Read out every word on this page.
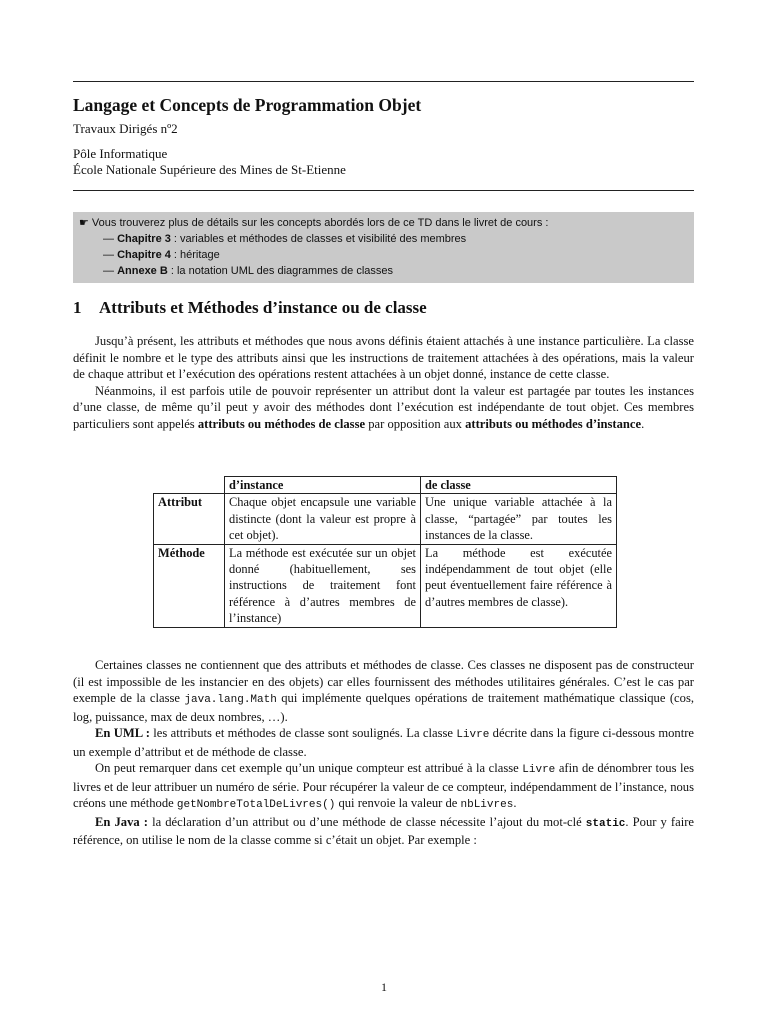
Langage et Concepts de Programmation Objet
Travaux Dirigés nº2
Pôle Informatique
École Nationale Supérieure des Mines de St-Etienne
☛ Vous trouverez plus de détails sur les concepts abordés lors de ce TD dans le livret de cours :
— Chapitre 3 : variables et méthodes de classes et visibilité des membres
— Chapitre 4 : héritage
— Annexe B : la notation UML des diagrammes de classes
1 Attributs et Méthodes d’instance ou de classe

Jusqu’à présent, les attributs et méthodes que nous avons définis étaient attachés à une instance particulière. La classe définit le nombre et le type des attributs ainsi que les instructions de traitement attachées à des opérations, mais la valeur de chaque attribut et l’exécution des opérations restent attachées à un objet donné, instance de cette classe.

Néanmoins, il est parfois utile de pouvoir représenter un attribut dont la valeur est partagée par toutes les instances d’une classe, de même qu’il peut y avoir des méthodes dont l’exécution est indépendante de tout objet. Ces membres particuliers sont appelés attributs ou méthodes de classe par opposition aux attributs ou méthodes d’instance.

	d’instance	de classe
Attribut	Chaque objet encapsule une variable distincte (dont la valeur est propre à cet objet).	Une unique variable attachée à la classe, “partagée” par toutes les instances de la classe.
Méthode	La méthode est exécutée sur un objet donné (habituellement, ses instructions de traitement font référence à d’autres membres de l’instance)	La méthode est exécutée indépendamment de tout objet (elle peut éventuellement faire référence à d’autres membres de classe).

Certaines classes ne contiennent que des attributs et méthodes de classe. Ces classes ne disposent pas de constructeur (il est impossible de les instancier en des objets) car elles fournissent des méthodes utilitaires générales. C’est le cas par exemple de la classe java.lang.Math qui implémente quelques opérations de traitement mathématique classique (cos, log, puissance, max de deux nombres, …).

En UML : les attributs et méthodes de classe sont soulignés. La classe Livre décrite dans la figure ci-dessous montre un exemple d’attribut et de méthode de classe.

On peut remarquer dans cet exemple qu’un unique compteur est attribué à la classe Livre afin de dénombrer tous les livres et de leur attribuer un numéro de série. Pour récupérer la valeur de ce compteur, indépendamment de l’instance, nous créons une méthode getNombreTotalDeLivres() qui renvoie la valeur de nbLivres.

En Java : la déclaration d’un attribut ou d’une méthode de classe nécessite l’ajout du mot-clé static. Pour y faire référence, on utilise le nom de la classe comme si c’était un objet. Par exemple :

1
